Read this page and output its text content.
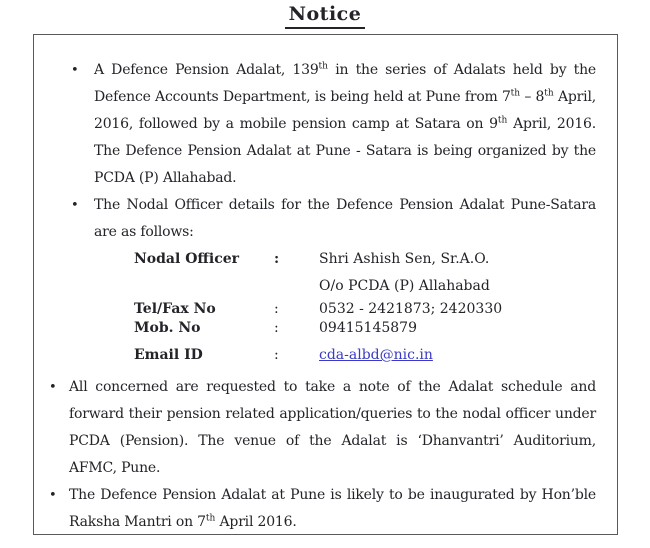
Notice
•	A Defence Pension Adalat, 139th in the series of Adalats held by the Defence Accounts Department, is being held at Pune from 7th – 8th April, 2016, followed by a mobile pension camp at Satara on 9th April, 2016. The Defence Pension Adalat at Pune - Satara is being organized by the PCDA (P) Allahabad.
•	The Nodal Officer details for the Defence Pension Adalat Pune-Satara are as follows:
Nodal Officer	:	Shri Ashish Sen, Sr.A.O.
O/o PCDA (P) Allahabad
Tel/Fax No	:	0532 - 2421873; 2420330
Mob. No	:	09415145879
Email ID	:	cda-albd@nic.in
• All concerned are requested to take a note of the Adalat schedule and forward their pension related application/queries to the nodal officer under PCDA (Pension). The venue of the Adalat is ‘Dhanvantri’ Auditorium, AFMC, Pune.
• The Defence Pension Adalat at Pune is likely to be inaugurated by Hon’ble Raksha Mantri on 7th April 2016.
